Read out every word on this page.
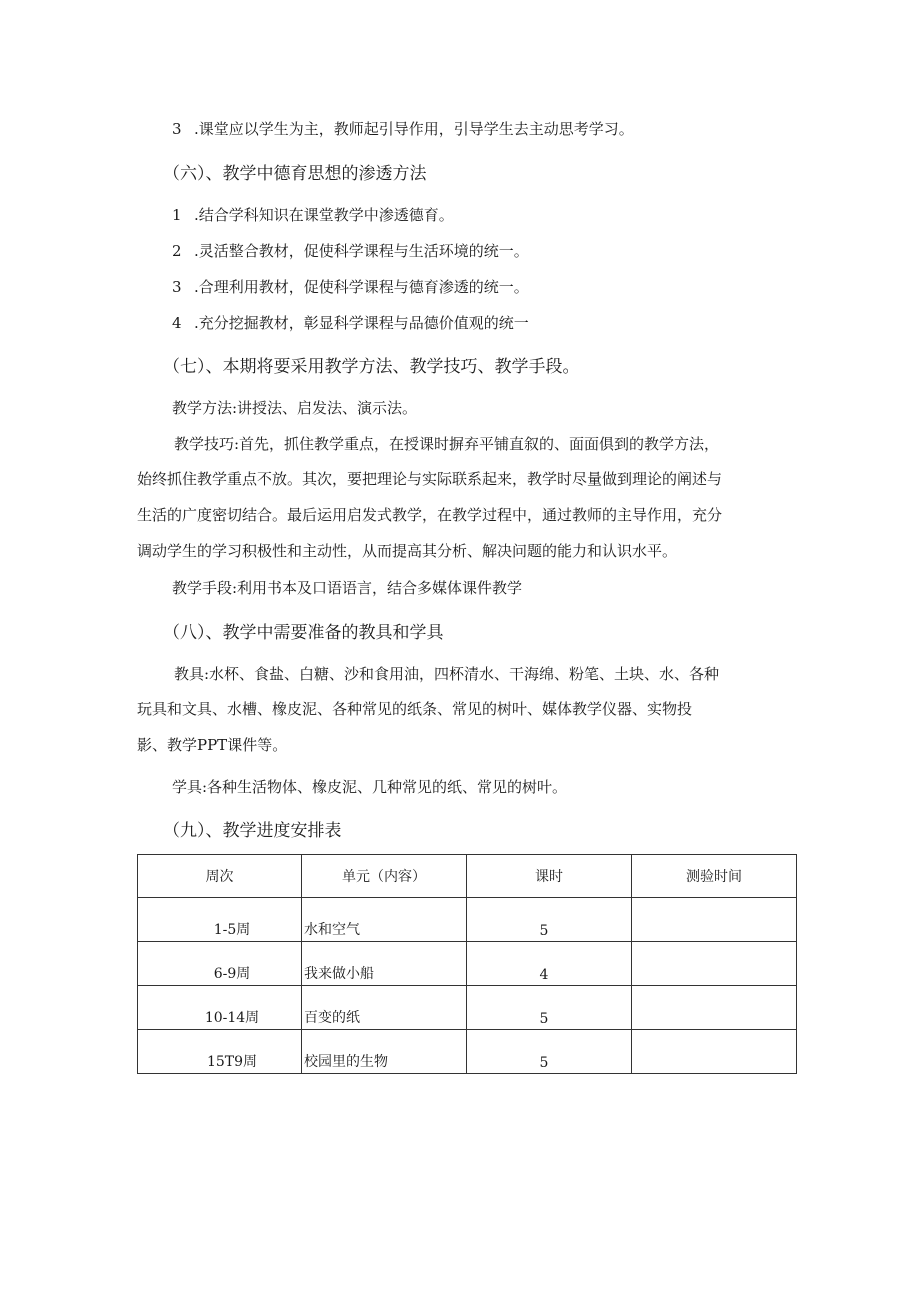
3 .课堂应以学生为主，教师起引导作用，引导学生去主动思考学习。
（六）、教学中德育思想的渗透方法
1 .结合学科知识在课堂教学中渗透德育。
2 .灵活整合教材，促使科学课程与生活环境的统一。
3 .合理利用教材，促使科学课程与德育渗透的统一。
4 .充分挖掘教材，彰显科学课程与品德价值观的统一
（七）、本期将要采用教学方法、教学技巧、教学手段。
教学方法:讲授法、启发法、演示法。
教学技巧:首先，抓住教学重点，在授课时摒弃平铺直叙的、面面俱到的教学方法，
始终抓住教学重点不放。其次，要把理论与实际联系起来，教学时尽量做到理论的阐述与
生活的广度密切结合。最后运用启发式教学，在教学过程中，通过教师的主导作用，充分
调动学生的学习积极性和主动性，从而提高其分析、解决问题的能力和认识水平。
教学手段:利用书本及口语语言，结合多媒体课件教学
（八）、教学中需要准备的教具和学具
教具:水杯、食盐、白糖、沙和食用油，四杯清水、干海绵、粉笔、土块、水、各种
玩具和文具、水槽、橡皮泥、各种常见的纸条、常见的树叶、媒体教学仪器、实物投
影、教学PPT课件等。
学具:各种生活物体、橡皮泥、几种常见的纸、常见的树叶。
（九）、教学进度安排表
周次	单元（内容）	课时	测验时间
1-5周	水和空气	5	
6-9周	我来做小船	4	
10-14周	百变的纸	5	
15T9周	校园里的生物	5	
